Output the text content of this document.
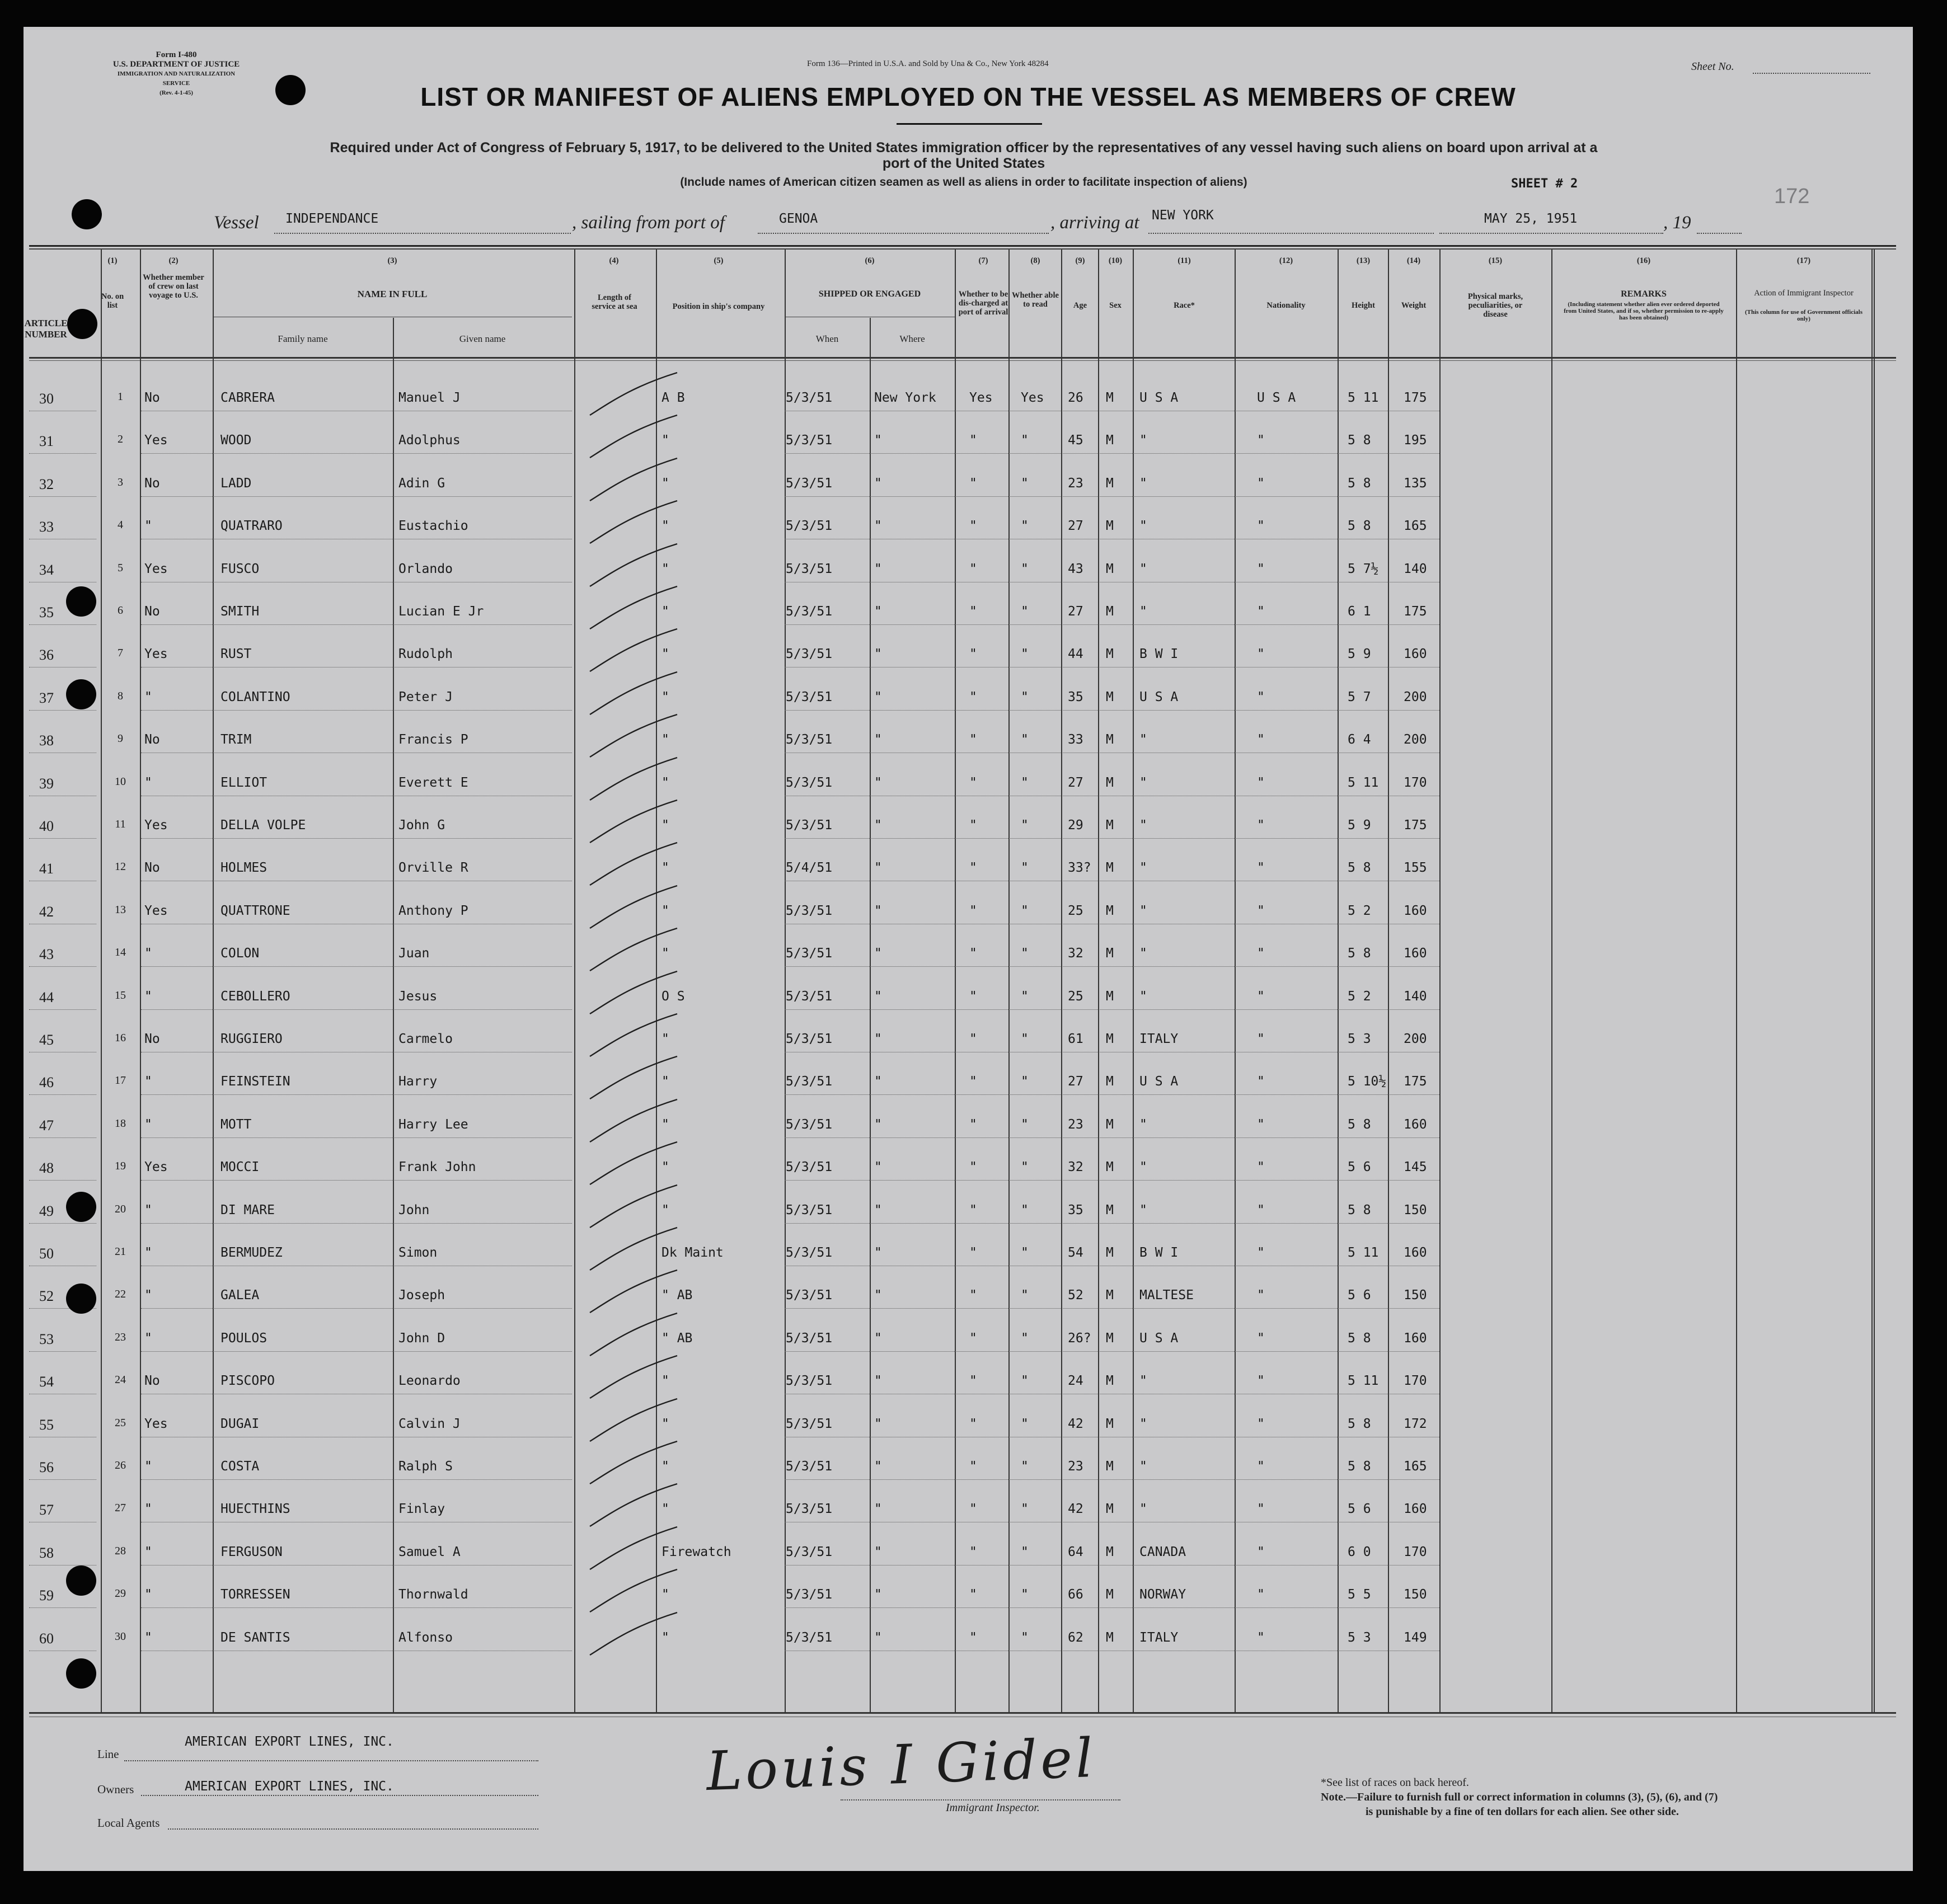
Form I-480
U.S. DEPARTMENT OF JUSTICE
IMMIGRATION AND NATURALIZATION SERVICE
(Rev. 4-1-45)
Form 136—Printed in U.S.A. and Sold by Una & Co., New York 48284	Sheet No.
LIST OR MANIFEST OF ALIENS EMPLOYED ON THE VESSEL AS MEMBERS OF CREW
Required under Act of Congress of February 5, 1917, to be delivered to the United States immigration officer by the representatives of any vessel having such aliens on board upon arrival at a
port of the United States
(Include names of American citizen seamen as well as aliens in order to facilitate inspection of aliens)	SHEET # 2
172
Vessel INDEPENDANCE	, sailing from port of	GENOA	, arriving at NEW YORK	MAY 25, 1951	, 19
ARTICLE NUMBER
(1)
No. on list
(2)
Whether member of crew on last voyage to U.S.
(3)
NAME IN FULL
Family name	Given name
(4)
Length of service at sea
(5)
Position in ship's company
(6)
SHIPPED OR ENGAGED
When	Where
(7)
Whether to be dis-charged at port of arrival
(8)
Whether able to read
(9)
Age
(10)
Sex
(11)
Race*
(12)
Nationality
(13)
Height
(14)
Weight
(15)
Physical marks, peculiarities, or disease
(16)
REMARKS
(Including statement whether alien ever ordered deported from United States, and if so, whether permission to re-apply has been obtained)
(17)
Action of Immigrant Inspector
(This column for use of Government officials only)
30	1	No	CABRERA	Manuel J	A B	5/3/51	New York	Yes	Yes	26	M	U S A	U S A	5 11	175
31	2	Yes	WOOD	Adolphus	"	5/3/51	"	"	"	45	M	"	"	5 8	195
32	3	No	LADD	Adin G	"	5/3/51	"	"	"	23	M	"	"	5 8	135
33	4	"	QUATRARO	Eustachio	"	5/3/51	"	"	"	27	M	"	"	5 8	165
34	5	Yes	FUSCO	Orlando	"	5/3/51	"	"	"	43	M	"	"	5 7½	140
35	6	No	SMITH	Lucian E Jr	"	5/3/51	"	"	"	27	M	"	"	6 1	175
36	7	Yes	RUST	Rudolph	"	5/3/51	"	"	"	44	M	B W I	"	5 9	160
37	8	"	COLANTINO	Peter J	"	5/3/51	"	"	"	35	M	U S A	"	5 7	200
38	9	No	TRIM	Francis P	"	5/3/51	"	"	"	33	M	"	"	6 4	200
39	10	"	ELLIOT	Everett E	"	5/3/51	"	"	"	27	M	"	"	5 11	170
40	11	Yes	DELLA VOLPE	John G	"	5/3/51	"	"	"	29	M	"	"	5 9	175
41	12	No	HOLMES	Orville R	"	5/4/51	"	"	"	33?	M	"	"	5 8	155
42	13	Yes	QUATTRONE	Anthony P	"	5/3/51	"	"	"	25	M	"	"	5 2	160
43	14	"	COLON	Juan	"	5/3/51	"	"	"	32	M	"	"	5 8	160
44	15	"	CEBOLLERO	Jesus	O S	5/3/51	"	"	"	25	M	"	"	5 2	140
45	16	No	RUGGIERO	Carmelo	"	5/3/51	"	"	"	61	M	ITALY	"	5 3	200
46	17	"	FEINSTEIN	Harry	"	5/3/51	"	"	"	27	M	U S A	"	5 10½ 175
47	18	"	MOTT	Harry Lee	"	5/3/51	"	"	"	23	M	"	"	5 8	160
48	19	Yes	MOCCI	Frank John	"	5/3/51	"	"	"	32	M	"	"	5 6	145
49	20	"	DI MARE	John	"	5/3/51	"	"	"	35	M	"	"	5 8	150
50	21	"	BERMUDEZ	Simon	Dk Maint	5/3/51	"	"	"	54	M	B W I	"	5 11	160
52	22	"	GALEA	Joseph	" AB	5/3/51	"	"	"	52	M	MALTESE	"	5 6	150
53	23	"	POULOS	John D	" AB	5/3/51	"	"	"	26?	M	U S A	"	5 8	160
54	24	No	PISCOPO	Leonardo	"	5/3/51	"	"	"	24	M	"	"	5 11	170
55	25	Yes	DUGAI	Calvin J	"	5/3/51	"	"	"	42	M	"	"	5 8	172
56	26	"	COSTA	Ralph S	"	5/3/51	"	"	"	23	M	"	"	5 8	165
57	27	"	HUECTHINS	Finlay	"	5/3/51	"	"	"	42	M	"	"	5 6	160
58	28	"	FERGUSON	Samuel A	Firewatch	5/3/51	"	"	"	64	M	CANADA	"	6 0	170
59	29	"	TORRESSEN	Thornwald	"	5/3/51	"	"	"	66	M	NORWAY	"	5 5	150
60	30	"	DE SANTIS	Alfonso	"	5/3/51	"	"	"	62	M	ITALY	"	5 3	149
Line
AMERICAN EXPORT LINES, INC.
Owners	AMERICAN EXPORT LINES, INC.
Local Agents
Louis I Gidel
Immigrant Inspector.
*See list of races on back hereof.
Note.—Failure to furnish full or correct information in columns (3), (5), (6), and (7)
is punishable by a fine of ten dollars for each alien. See other side.
